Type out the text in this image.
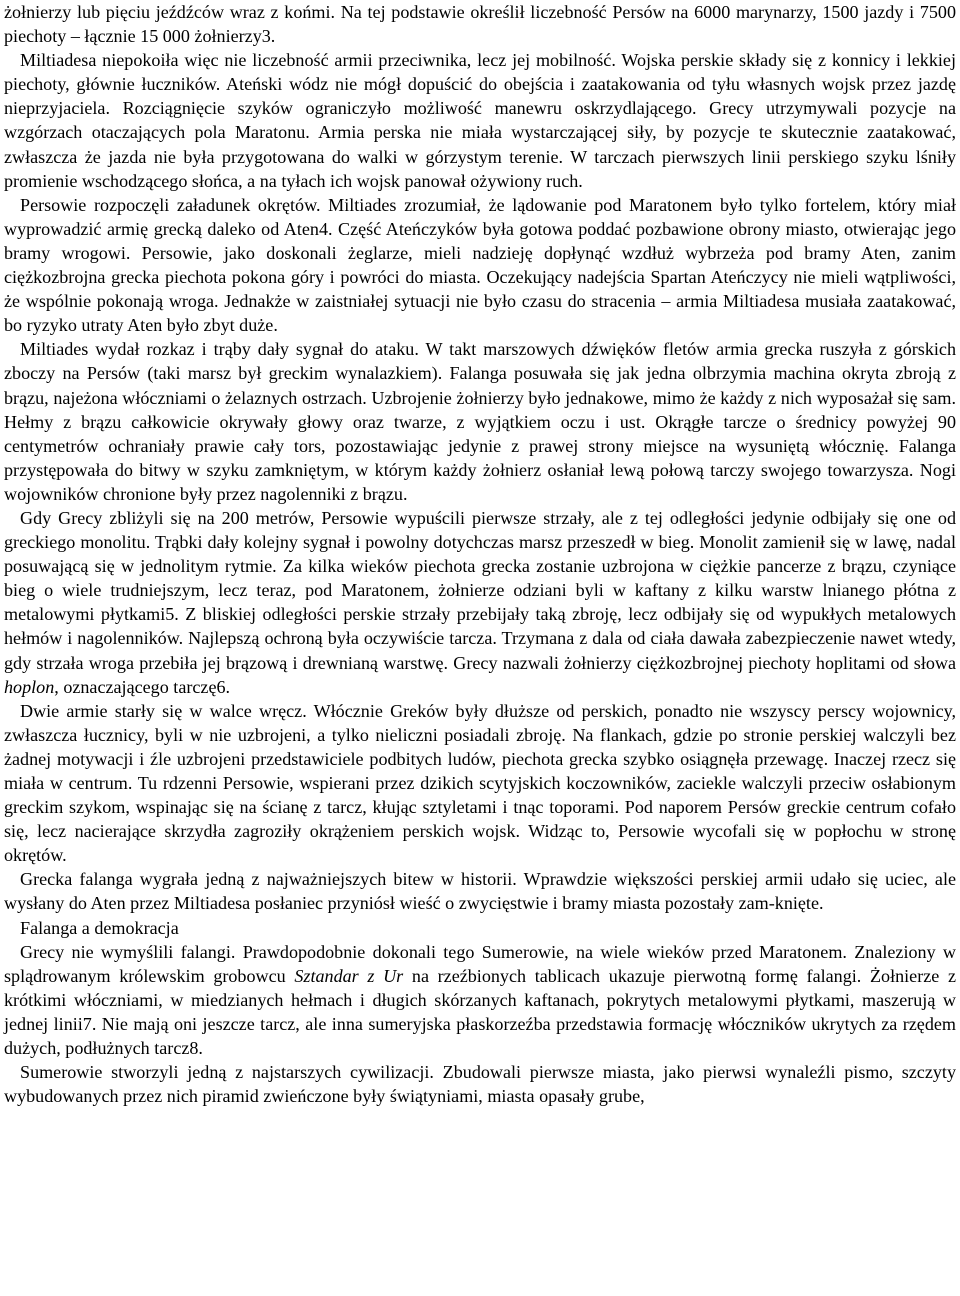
żołnierzy lub pięciu jeźdźców wraz z końmi. Na tej podstawie określił liczebność Persów na 6000 marynarzy, 1500 jazdy i 7500 piechoty – łącznie 15 000 żołnierzy3.

Miltiadesa niepokoiła więc nie liczebność armii przeciwnika, lecz jej mobilność. Wojska perskie składy się z konnicy i lekkiej piechoty, głównie łuczników. Ateński wódz nie mógł dopuścić do obejścia i zaatakowania od tyłu własnych wojsk przez jazdę nieprzyjaciela. Rozciągnięcie szyków ograniczyło możliwość manewru oskrzydlającego. Grecy utrzymywali pozycje na wzgórzach otaczających pola Maratonu. Armia perska nie miała wystarczającej siły, by pozycje te skutecznie zaatakować, zwłaszcza że jazda nie była przygotowana do walki w górzystym terenie. W tarczach pierwszych linii perskiego szyku lśniły promienie wschodzącego słońca, a na tyłach ich wojsk panował ożywiony ruch.

Persowie rozpoczęli załadunek okrętów. Miltiades zrozumiał, że lądowanie pod Maratonem było tylko fortelem, który miał wyprowadzić armię grecką daleko od Aten4. Część Ateńczyków była gotowa poddać pozbawione obrony miasto, otwierając jego bramy wrogowi. Persowie, jako doskonali żeglarze, mieli nadzieję dopłynąć wzdłuż wybrzeża pod bramy Aten, zanim ciężkozbrojna grecka piechota pokona góry i powróci do miasta. Oczekujący nadejścia Spartan Ateńczycy nie mieli wątpliwości, że wspólnie pokonają wroga. Jednakże w zaistniałej sytuacji nie było czasu do stracenia – armia Miltiadesa musiała zaatakować, bo ryzyko utraty Aten było zbyt duże.

Miltiades wydał rozkaz i trąby dały sygnał do ataku. W takt marszowych dźwięków fletów armia grecka ruszyła z górskich zboczy na Persów (taki marsz był greckim wynalazkiem). Falanga posuwała się jak jedna olbrzymia machina okryta zbroją z brązu, najeżona włóczniami o żelaznych ostrzach. Uzbrojenie żołnierzy było jednakowe, mimo że każdy z nich wyposażał się sam. Hełmy z brązu całkowicie okrywały głowy oraz twarze, z wyjątkiem oczu i ust. Okrągłe tarcze o średnicy powyżej 90 centymetrów ochraniały prawie cały tors, pozostawiając jedynie z prawej strony miejsce na wysuniętą włócznię. Falanga przystępowała do bitwy w szyku zamkniętym, w którym każdy żołnierz osłaniał lewą połową tarczy swojego towarzysza. Nogi wojowników chronione były przez nagolenniki z brązu.

Gdy Grecy zbliżyli się na 200 metrów, Persowie wypuścili pierwsze strzały, ale z tej odległości jedynie odbijały się one od greckiego monolitu. Trąbki dały kolejny sygnał i powolny dotychczas marsz przeszedł w bieg. Monolit zamienił się w lawę, nadal posuwającą się w jednolitym rytmie. Za kilka wieków piechota grecka zostanie uzbrojona w ciężkie pancerze z brązu, czyniące bieg o wiele trudniejszym, lecz teraz, pod Maratonem, żołnierze odziani byli w kaftany z kilku warstw lnianego płótna z metalowymi płytkami5. Z bliskiej odległości perskie strzały przebijały taką zbroję, lecz odbijały się od wypukłych metalowych hełmów i nagolenników. Najlepszą ochroną była oczywiście tarcza. Trzymana z dala od ciała dawała zabezpieczenie nawet wtedy, gdy strzała wroga przebiła jej brązową i drewnianą warstwę. Grecy nazwali żołnierzy ciężkozbrojnej piechoty hoplitami od słowa hoplon, oznaczającego tarczę6.

Dwie armie starły się w walce wręcz. Włócznie Greków były dłuższe od perskich, ponadto nie wszyscy perscy wojownicy, zwłaszcza łucznicy, byli w nie uzbrojeni, a tylko nieliczni posiadali zbroję. Na flankach, gdzie po stronie perskiej walczyli bez żadnej motywacji i źle uzbrojeni przedstawiciele podbitych ludów, piechota grecka szybko osiągnęła przewagę. Inaczej rzecz się miała w centrum. Tu rdzenni Persowie, wspierani przez dzikich scytyjskich koczowników, zaciekle walczyli przeciw osłabionym greckim szykom, wspinając się na ścianę z tarcz, kłując sztyletami i tnąc toporami. Pod naporem Persów greckie centrum cofało się, lecz nacierające skrzydła zagroziły okrążeniem perskich wojsk. Widząc to, Persowie wycofali się w popłochu w stronę okrętów.

Grecka falanga wygrała jedną z najważniejszych bitew w historii. Wprawdzie większości perskiej armii udało się uciec, ale wysłany do Aten przez Miltiadesa posłaniec przyniósł wieść o zwycięstwie i bramy miasta pozostały zam-knięte.

Falanga a demokracja

Grecy nie wymyślili falangi. Prawdopodobnie dokonali tego Sumerowie, na wiele wieków przed Maratonem. Znaleziony w splądrowanym królewskim grobowcu Sztandar z Ur na rzeźbionych tablicach ukazuje pierwotną formę falangi. Żołnierze z krótkimi włóczniami, w miedzianych hełmach i długich skórzanych kaftanach, pokrytych metalowymi płytkami, maszerują w jednej linii7. Nie mają oni jeszcze tarcz, ale inna sumeryjska płaskorzeźba przedstawia formację włóczników ukrytych za rzędem dużych, podłużnych tarcz8.

Sumerowie stworzyli jedną z najstarszych cywilizacji. Zbudowali pierwsze miasta, jako pierwsi wynaleźli pismo, szczyty wybudowanych przez nich piramid zwieńczone były świątyniami, miasta opasały grube,
